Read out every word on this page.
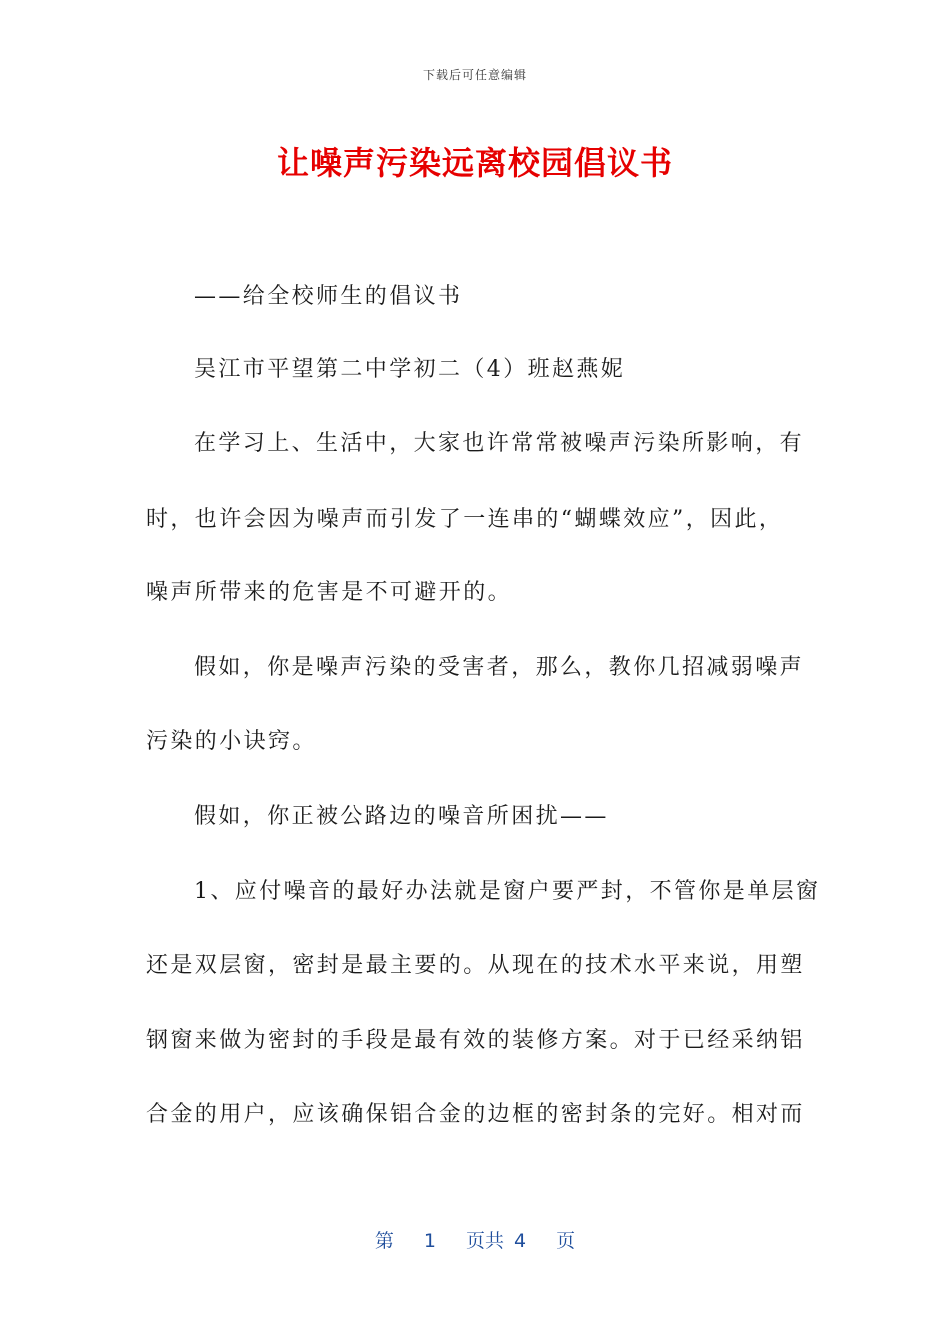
下载后可任意编辑
让噪声污染远离校园倡议书
——给全校师生的倡议书
吴江市平望第二中学初二（4）班赵燕妮
在学习上、生活中，大家也许常常被噪声污染所影响，有
时，也许会因为噪声而引发了一连串的“蝴蝶效应”，因此，
噪声所带来的危害是不可避开的。
假如，你是噪声污染的受害者，那么，教你几招减弱噪声
污染的小诀窍。
假如，你正被公路边的噪音所困扰——
1、应付噪音的最好办法就是窗户要严封，不管你是单层窗
还是双层窗，密封是最主要的。从现在的技术水平来说，用塑
钢窗来做为密封的手段是最有效的装修方案。对于已经采纳铝
合金的用户，应该确保铝合金的边框的密封条的完好。相对而
第 1 页共 4 页
